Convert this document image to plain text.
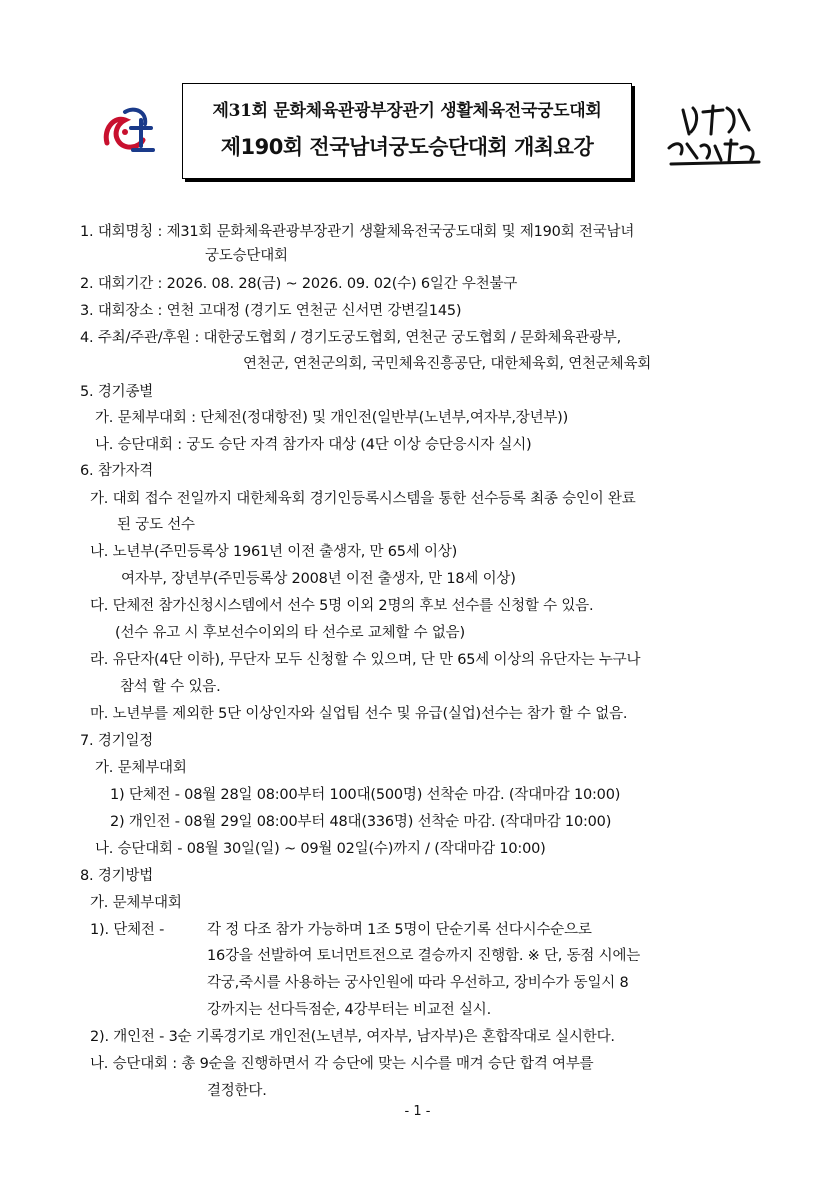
제31회 문화체육관광부장관기 생활체육전국궁도대회
제190회 전국남녀궁도승단대회 개최요강
1. 대회명칭 : 제31회 문화체육관광부장관기 생활체육전국궁도대회 및 제190회 전국남녀
궁도승단대회
2. 대회기간 : 2026. 08. 28(금) ~ 2026. 09. 02(수) 6일간 우천불구
3. 대회장소 : 연천 고대정 (경기도 연천군 신서면 강변길145)
4. 주최/주관/후원 : 대한궁도협회 / 경기도궁도협회, 연천군 궁도협회 / 문화체육관광부,
연천군, 연천군의회, 국민체육진흥공단, 대한체육회, 연천군체육회
5. 경기종별
가. 문체부대회 : 단체전(정대항전) 및 개인전(일반부(노년부,여자부,장년부))
나. 승단대회 : 궁도 승단 자격 참가자 대상 (4단 이상 승단응시자 실시)
6. 참가자격
가. 대회 접수 전일까지 대한체육회 경기인등록시스템을 통한 선수등록 최종 승인이 완료
된 궁도 선수
나. 노년부(주민등록상 1961년 이전 출생자, 만 65세 이상)
여자부, 장년부(주민등록상 2008년 이전 출생자, 만 18세 이상)
다. 단체전 참가신청시스템에서 선수 5명 이외 2명의 후보 선수를 신청할 수 있음.
(선수 유고 시 후보선수이외의 타 선수로 교체할 수 없음)
라. 유단자(4단 이하), 무단자 모두 신청할 수 있으며, 단 만 65세 이상의 유단자는 누구나
참석 할 수 있음.
마. 노년부를 제외한 5단 이상인자와 실업팀 선수 및 유급(실업)선수는 참가 할 수 없음.
7. 경기일정
가. 문체부대회
1) 단체전 - 08월 28일 08:00부터 100대(500명) 선착순 마감. (작대마감 10:00)
2) 개인전 - 08월 29일 08:00부터 48대(336명) 선착순 마감. (작대마감 10:00)
나. 승단대회 - 08월 30일(일) ~ 09월 02일(수)까지 / (작대마감 10:00)
8. 경기방법
가. 문체부대회
1). 단체전 -	각 정 다조 참가 가능하며 1조 5명이 단순기록 선다시수순으로
16강을 선발하여 토너먼트전으로 결승까지 진행함. ※ 단, 동점 시에는
각궁,죽시를 사용하는 궁사인원에 따라 우선하고, 장비수가 동일시 8
강까지는 선다득점순, 4강부터는 비교전 실시.
2). 개인전 - 3순 기록경기로 개인전(노년부, 여자부, 남자부)은 혼합작대로 실시한다.
나. 승단대회 : 총 9순을 진행하면서 각 승단에 맞는 시수를 매겨 승단 합격 여부를
결정한다.
- 1 -
